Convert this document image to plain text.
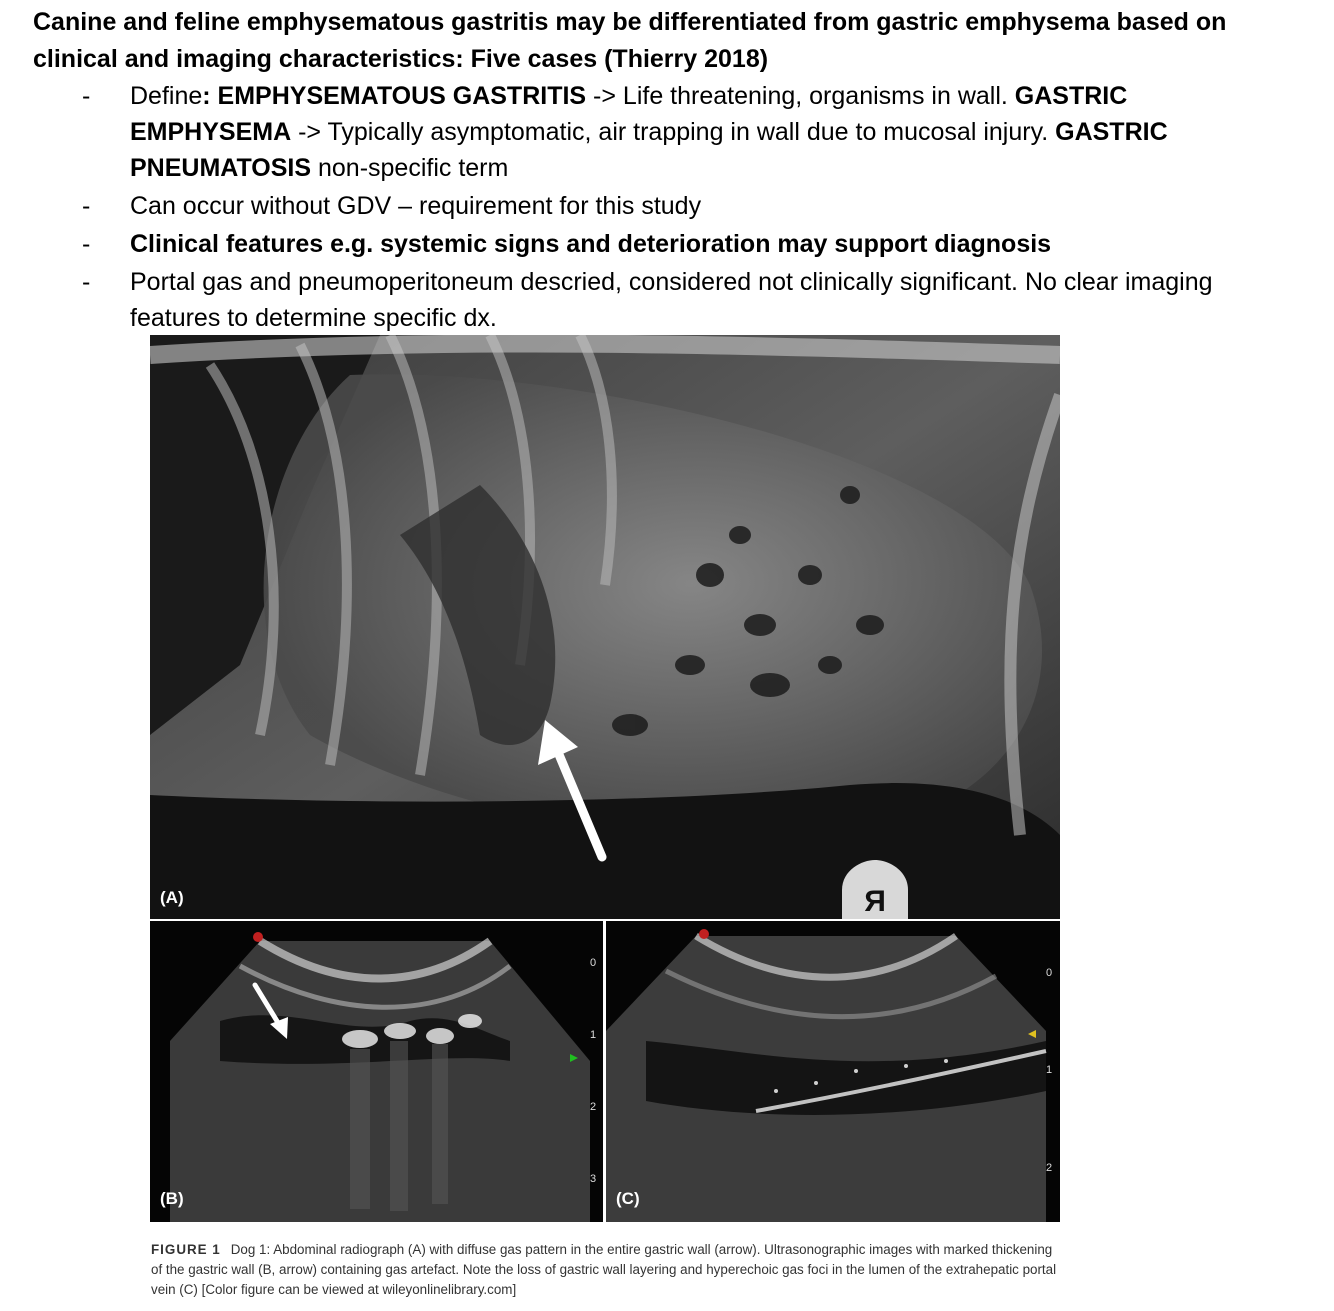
Canine and feline emphysematous gastritis may be differentiated from gastric emphysema based on clinical and imaging characteristics: Five cases (Thierry 2018)
- Define: EMPHYSEMATOUS GASTRITIS -> Life threatening, organisms in wall. GASTRIC EMPHYSEMA -> Typically asymptomatic, air trapping in wall due to mucosal injury. GASTRIC PNEUMATOSIS non-specific term
- Can occur without GDV – requirement for this study
- Clinical features e.g. systemic signs and deterioration may support diagnosis
- Portal gas and pneumoperitoneum descried, considered not clinically significant. No clear imaging features to determine specific dx.
R
(A)
0
1
2
3
(B)
0
1
2
(C)
FIGURE 1 Dog 1: Abdominal radiograph (A) with diffuse gas pattern in the entire gastric wall (arrow). Ultrasonographic images with marked thickening of the gastric wall (B, arrow) containing gas artefact. Note the loss of gastric wall layering and hyperechoic gas foci in the lumen of the extrahepatic portal vein (C) [Color figure can be viewed at wileyonlinelibrary.com]
